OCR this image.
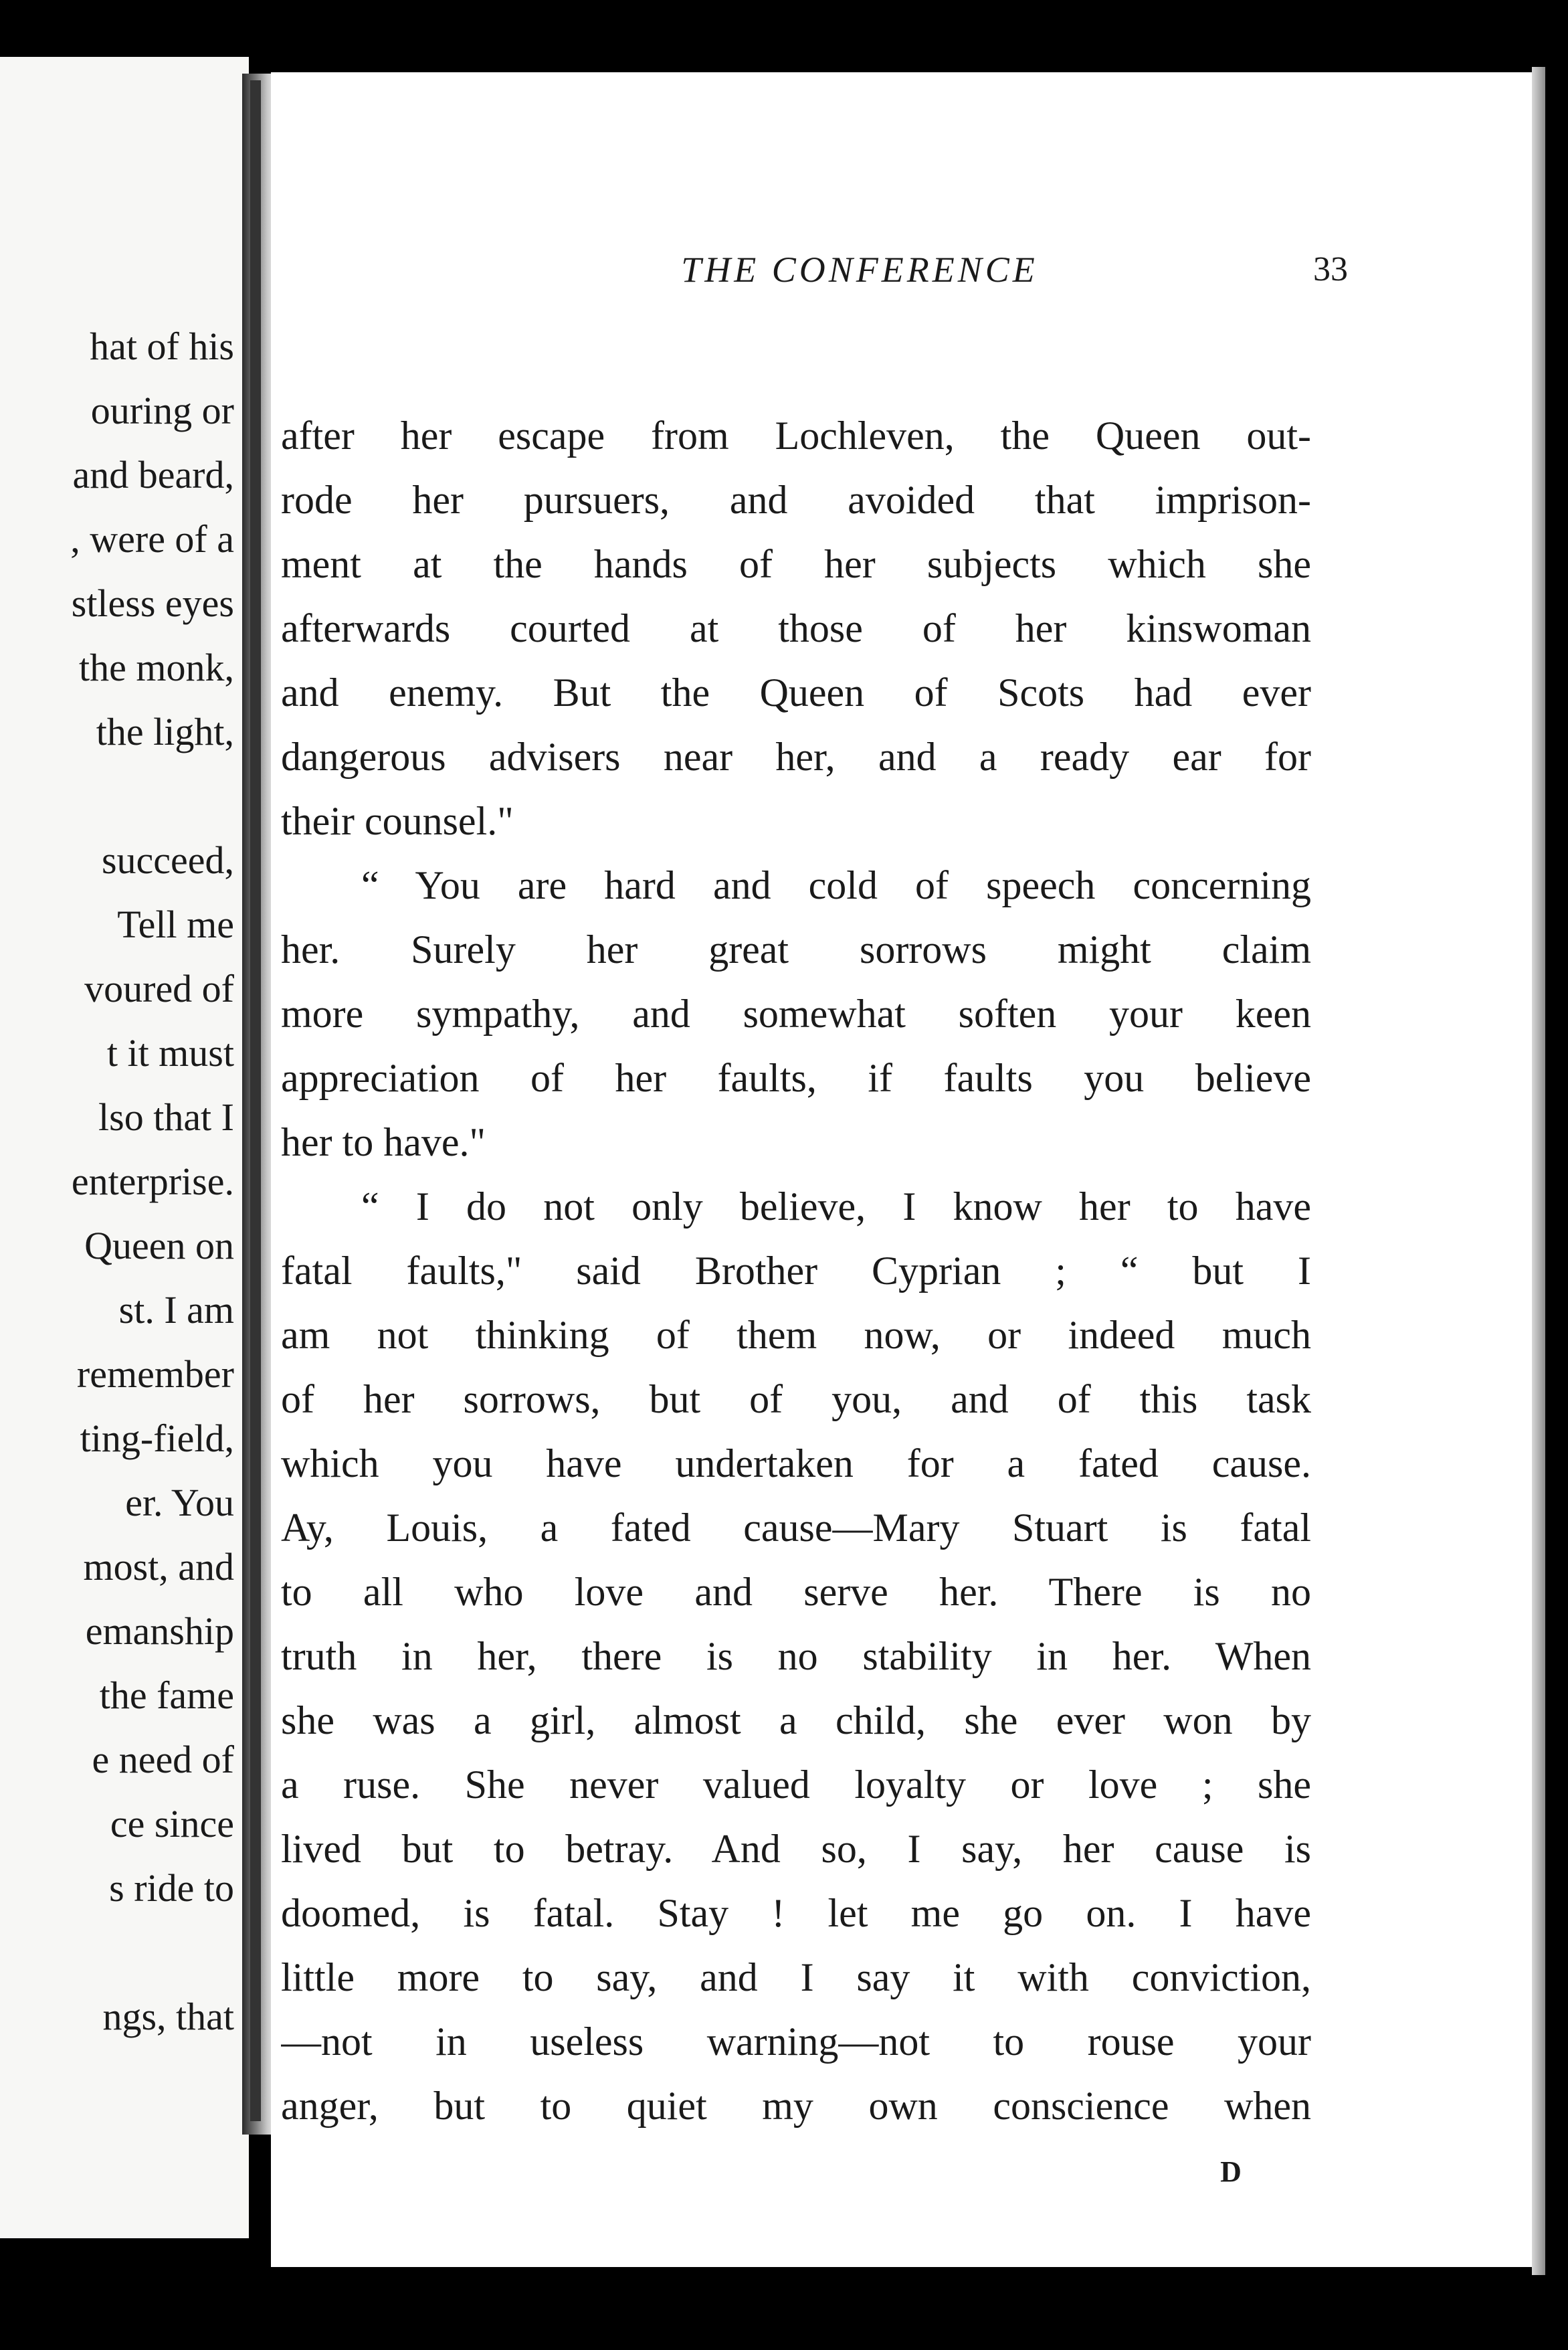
hat of his
ouring or
and beard,
, were of a
stless eyes
the monk,
the light,
succeed,
Tell me
voured of
t it must
lso that I
enterprise.
Queen on
st. I am
remember
ting-field,
er. You
most, and
emanship
the fame
e need of
ce since
s ride to
ngs, that
THE CONFERENCE	33
after her escape from Lochleven, the Queen out-
rode her pursuers, and avoided that imprison-
ment at the hands of her subjects which she
afterwards courted at those of her kinswoman
and enemy. But the Queen of Scots had ever
dangerous advisers near her, and a ready ear for
their counsel."
“ You are hard and cold of speech concerning
her. Surely her great sorrows might claim
more sympathy, and somewhat soften your keen
appreciation of her faults, if faults you believe
her to have."
“ I do not only believe, I know her to have
fatal faults," said Brother Cyprian ; “ but I
am not thinking of them now, or indeed much
of her sorrows, but of you, and of this task
which you have undertaken for a fated cause.
Ay, Louis, a fated cause—Mary Stuart is fatal
to all who love and serve her. There is no
truth in her, there is no stability in her. When
she was a girl, almost a child, she ever won by
a ruse. She never valued loyalty or love ; she
lived but to betray. And so, I say, her cause is
doomed, is fatal. Stay ! let me go on. I have
little more to say, and I say it with conviction,
—not in useless warning—not to rouse your
anger, but to quiet my own conscience when
D
